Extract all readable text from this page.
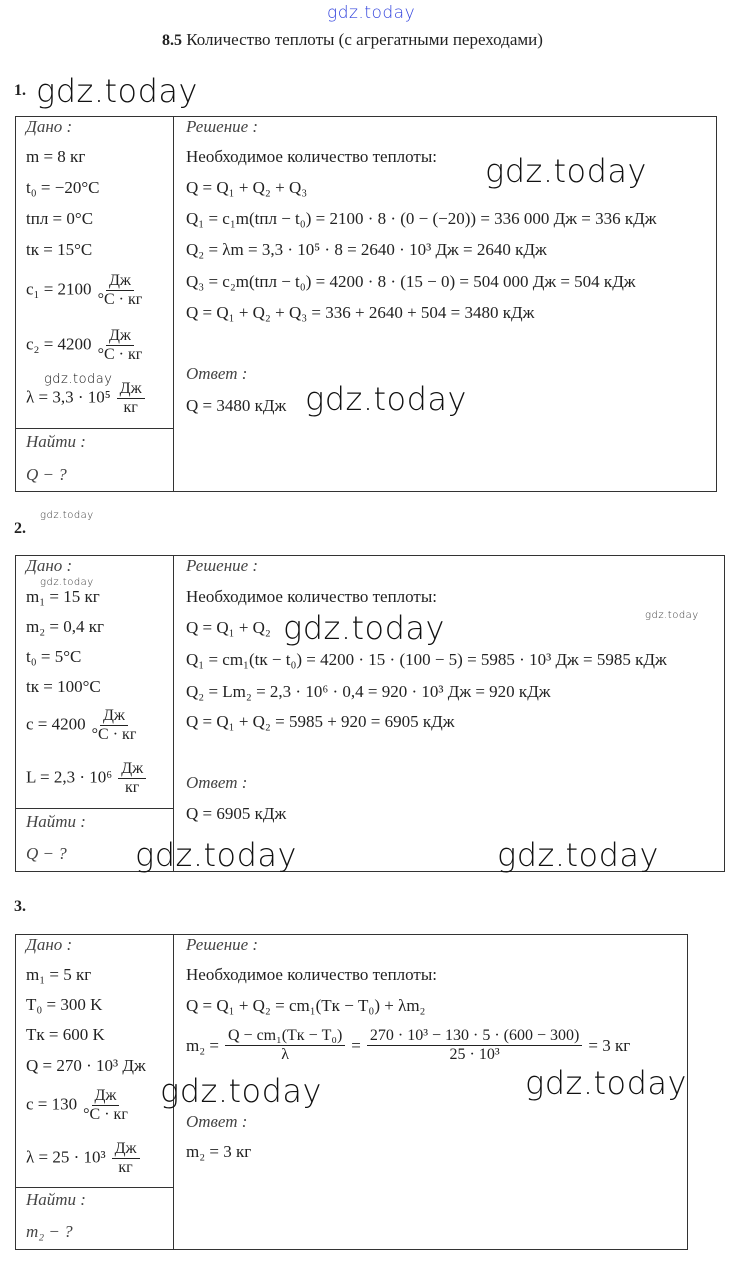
gdz.today
8.5 Количество теплоты (с агрегатными переходами)
1. gdz.today
Дано :
m = 8 кг
t₀ = −20°C
tпл = 0°C
tк = 15°C
$c_1 = 2100 \frac{Дж}{^\circ C \cdot кг}$
$c_2 = 4200 \frac{Дж}{^\circ C \cdot кг}$
gdz.today
$\lambda = 3,3 \cdot 10^5 \frac{Дж}{кг}$
Найти :
Q − ?
Решение :
Необходимое количество теплоты:
Q = Q₁ + Q₂ + Q₃
Q₁ = c₁m(tпл − t₀) = 2100 · 8 · (0 − (−20)) = 336 000 Дж = 336 кДж
Q₂ = λm = 3,3 · 10⁵ · 8 = 2640 · 10³ Дж = 2640 кДж
Q₃ = c₂m(tпл − t₀) = 4200 · 8 · (15 − 0) = 504 000 Дж = 504 кДж
Q = Q₁ + Q₂ + Q₃ = 336 + 2640 + 504 = 3480 кДж
gdz.today
Ответ :
Q = 3480 кДж gdz.today
gdz.today
2.
Дано :
gdz.today
m₁ = 15 кг
m₂ = 0,4 кг
t₀ = 5°C
tк = 100°C
$c = 4200 \frac{Дж}{^\circ C \cdot кг}$
$L = 2,3 \cdot 10^6 \frac{Дж}{кг}$
Найти :
Q − ?
Решение :
Необходимое количество теплоты:
Q = Q₁ + Q₂
Q₁ = cm₁(tк − t₀) = 4200 · 15 · (100 − 5) = 5985 · 10³ Дж = 5985 кДж
Q₂ = Lm₂ = 2,3 · 10⁶ · 0,4 = 920 · 10³ Дж = 920 кДж
Q = Q₁ + Q₂ = 5985 + 920 = 6905 кДж
gdz.today	gdz.today
Ответ :
Q = 6905 кДж
gdz.today	gdz.today
3.
Дано :
m₁ = 5 кг
T₀ = 300 K
Tк = 600 K
Q = 270 · 10³ Дж
$c = 130 \frac{Дж}{^\circ C \cdot кг}$
$\lambda = 25 \cdot 10^3 \frac{Дж}{кг}$
Найти :
m₂ − ?
Решение :
Необходимое количество теплоты:
Q = Q₁ + Q₂ = cm₁(Tк − T₀) + λm₂
$m_2 = \frac{\text{Q − cm₁(Tк − T₀)}}{\lambda} = \frac{\text{270 · 10³ − 130 · 5 · (600 − 300)}}{\text{25 · 10³}} = 3$ кг
Ответ :
m₂ = 3 кг
gdz.today	gdz.today
